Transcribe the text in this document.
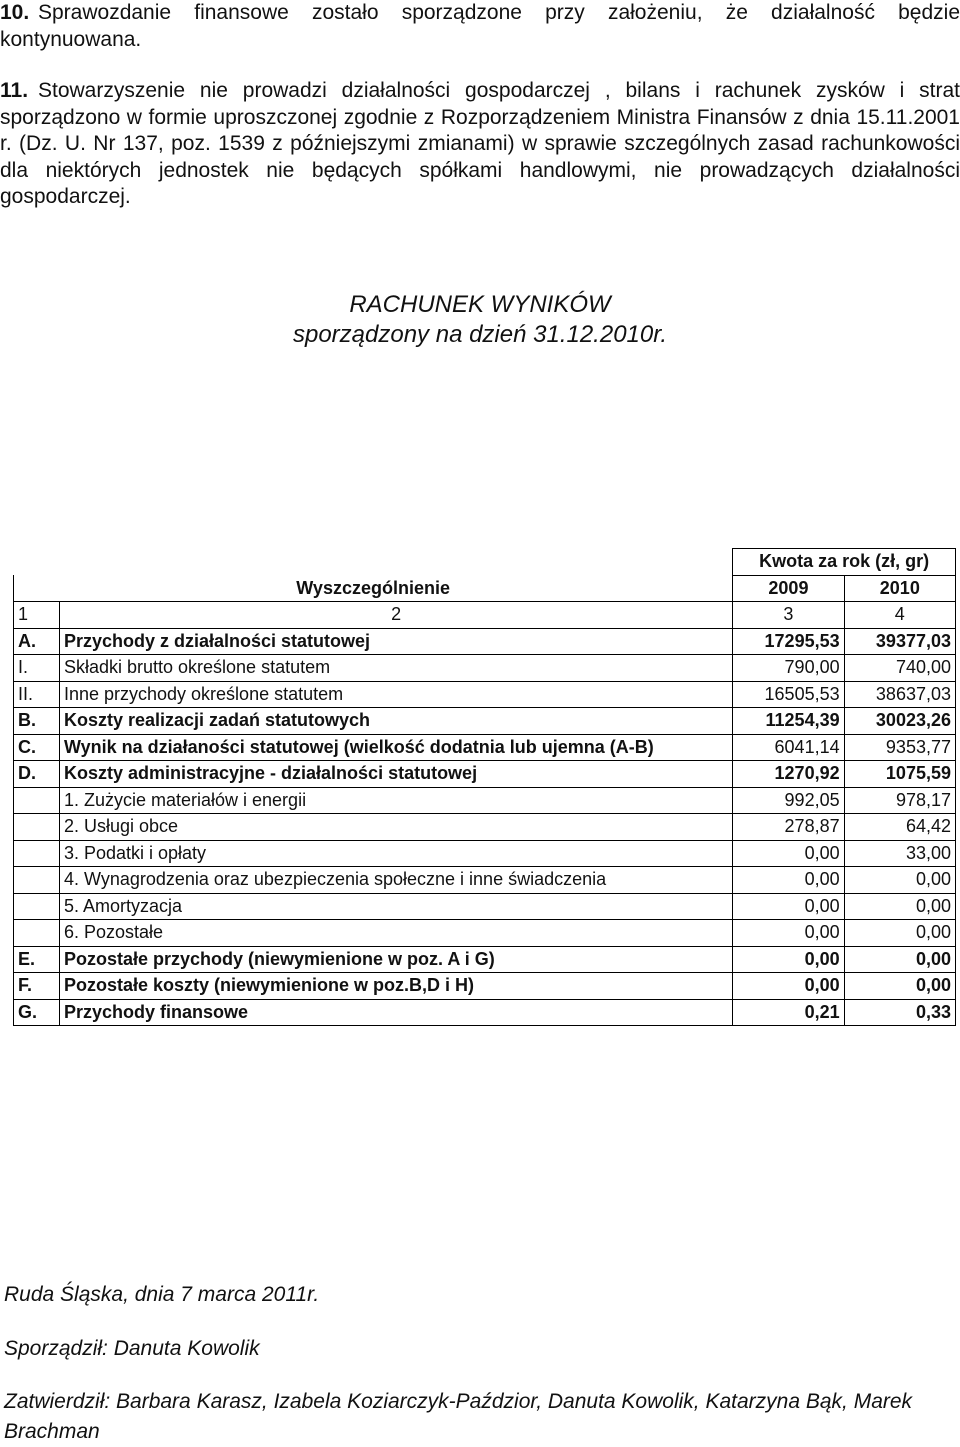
10. Sprawozdanie finansowe zostało sporządzone przy założeniu, że działalność będzie kontynuowana.
11. Stowarzyszenie nie prowadzi działalności gospodarczej , bilans i rachunek zysków i strat sporządzono w formie uproszczonej zgodnie z Rozporządzeniem Ministra Finansów z dnia 15.11.2001 r. (Dz. U. Nr 137, poz. 1539 z późniejszymi zmianami) w sprawie szczególnych zasad rachunkowości dla niektórych jednostek nie będących spółkami handlowymi, nie prowadzących działalności gospodarczej.
RACHUNEK WYNIKÓW
sporządzony na dzień 31.12.2010r.
		Kwota za rok (zł, gr)	
Wyszczególnienie		2009	2010
1	2	3	4
A.	Przychody z działalności statutowej	17295,53	39377,03
I.	Składki brutto określone statutem	790,00	740,00
II.	Inne przychody określone statutem	16505,53	38637,03
B.	Koszty realizacji zadań statutowych	11254,39	30023,26
C.	Wynik na działaności statutowej (wielkość dodatnia lub ujemna (A-B)	6041,14	9353,77
D.	Koszty administracyjne - działalności statutowej	1270,92	1075,59
	1. Zużycie materiałów i energii	992,05	978,17
	2. Usługi obce	278,87	64,42
	3. Podatki i opłaty	0,00	33,00
	4. Wynagrodzenia oraz ubezpieczenia społeczne i inne świadczenia	0,00	0,00
	5. Amortyzacja	0,00	0,00
	6. Pozostałe	0,00	0,00
E.	Pozostałe przychody (niewymienione w poz. A i G)	0,00	0,00
F.	Pozostałe koszty (niewymienione w poz.B,D i H)	0,00	0,00
G.	Przychody finansowe	0,21	0,33
Ruda Śląska, dnia 7 marca 2011r.
Sporządził: Danuta Kowolik
Zatwierdził: Barbara Karasz, Izabela Koziarczyk-Paździor, Danuta Kowolik, Katarzyna Bąk, Marek Brachman
